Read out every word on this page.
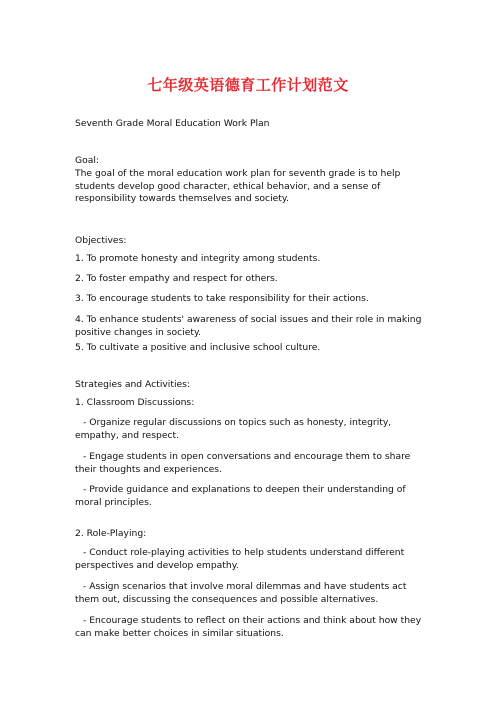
七年级英语德育工作计划范文
Seventh Grade Moral Education Work Plan
Goal:
The goal of the moral education work plan for seventh grade is to help students develop good character, ethical behavior, and a sense of responsibility towards themselves and society.
Objectives:
1. To promote honesty and integrity among students.
2. To foster empathy and respect for others.
3. To encourage students to take responsibility for their actions.
4. To enhance students' awareness of social issues and their role in making positive changes in society.
5. To cultivate a positive and inclusive school culture.
Strategies and Activities:
1. Classroom Discussions:
- Organize regular discussions on topics such as honesty, integrity, empathy, and respect.
- Engage students in open conversations and encourage them to share their thoughts and experiences.
- Provide guidance and explanations to deepen their understanding of moral principles.
2. Role-Playing:
- Conduct role-playing activities to help students understand different perspectives and develop empathy.
- Assign scenarios that involve moral dilemmas and have students act them out, discussing the consequences and possible alternatives.
- Encourage students to reflect on their actions and think about how they can make better choices in similar situations.
